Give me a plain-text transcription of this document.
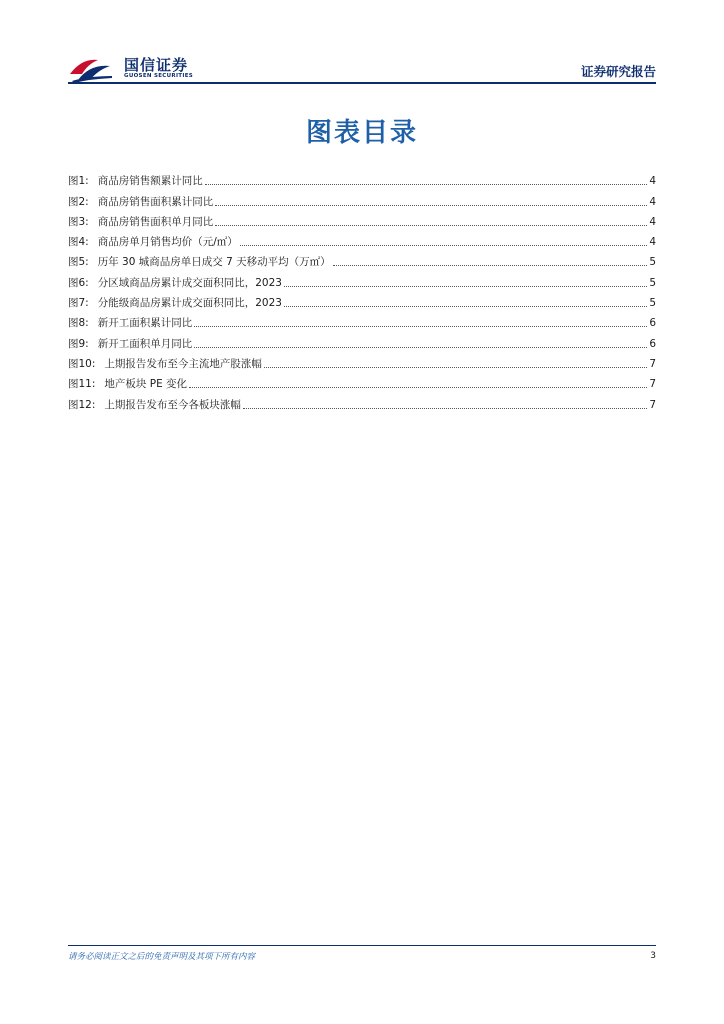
国信证券
GUOSEN SECURITIES	证券研究报告
图表目录
图1: 商品房销售额累计同比	4
图2: 商品房销售面积累计同比	4
图3: 商品房销售面积单月同比	4
图4: 商品房单月销售均价（元/㎡）	4
图5: 历年 30 城商品房单日成交 7 天移动平均（万㎡）	5
图6: 分区域商品房累计成交面积同比，2023	5
图7: 分能级商品房累计成交面积同比，2023	5
图8: 新开工面积累计同比	6
图9: 新开工面积单月同比	6
图10: 上期报告发布至今主流地产股涨幅	7
图11: 地产板块 PE 变化	7
图12: 上期报告发布至今各板块涨幅	7
请务必阅读正文之后的免责声明及其项下所有内容	3
